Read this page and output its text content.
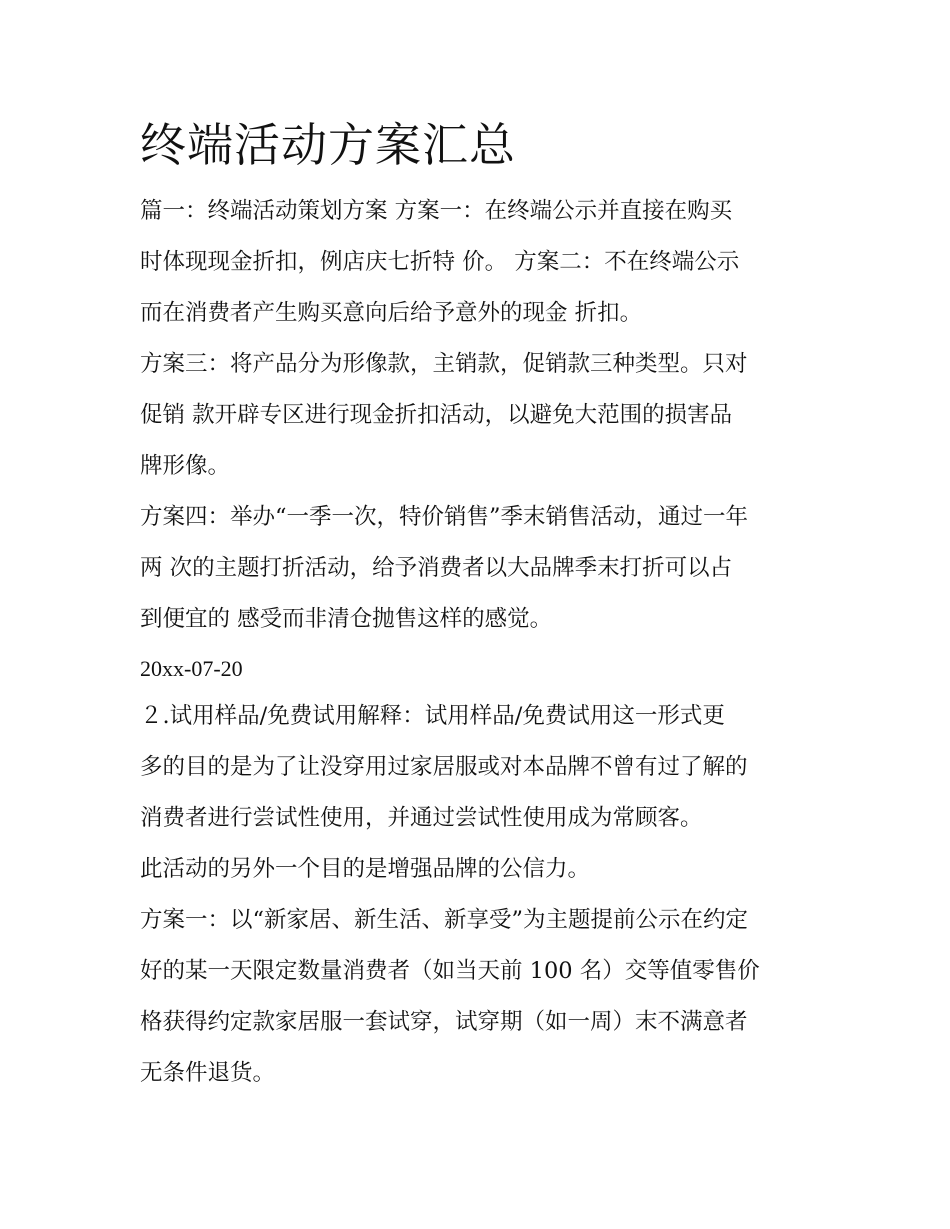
终端活动方案汇总

篇一：终端活动策划方案 方案一：在终端公示并直接在购买

时体现现金折扣，例店庆七折特 价。 方案二：不在终端公示

而在消费者产生购买意向后给予意外的现金 折扣。

方案三：将产品分为形像款，主销款，促销款三种类型。只对

促销 款开辟专区进行现金折扣活动，以避免大范围的损害品

牌形像。

方案四：举办“一季一次，特价销售”季末销售活动，通过一年

两 次的主题打折活动，给予消费者以大品牌季末打折可以占

到便宜的 感受而非清仓抛售这样的感觉。

20xx-07-20

２.试用样品/免费试用解释：试用样品/免费试用这一形式更

多的目的是为了让没穿用过家居服或对本品牌不曾有过了解的

消费者进行尝试性使用，并通过尝试性使用成为常顾客。

此活动的另外一个目的是增强品牌的公信力。

方案一：以“新家居、新生活、新享受”为主题提前公示在约定

好的某一天限定数量消费者（如当天前 100 名）交等值零售价

格获得约定款家居服一套试穿，试穿期（如一周）末不满意者

无条件退货。
